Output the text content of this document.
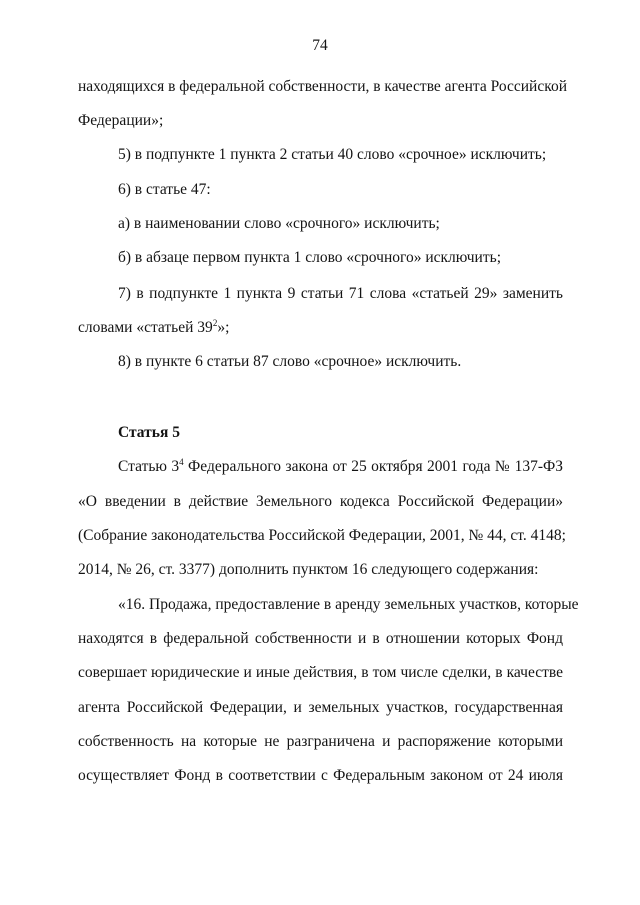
74
находящихся в федеральной собственности, в качестве агента Российской
Федерации»;
5) в подпункте 1 пункта 2 статьи 40 слово «срочное» исключить;
6) в статье 47:
а) в наименовании слово «срочного» исключить;
б) в абзаце первом пункта 1 слово «срочного» исключить;
7) в подпункте 1 пункта 9 статьи 71 слова «статьей 29» заменить
словами «статьей $39^2$»;
8) в пункте 6 статьи 87 слово «срочное» исключить.
Статья 5
Статью $3^4$ Федерального закона от 25 октября 2001 года № 137-ФЗ
«О введении в действие Земельного кодекса Российской Федерации»
(Собрание законодательства Российской Федерации, 2001, № 44, ст. 4148;
2014, № 26, ст. 3377) дополнить пунктом 16 следующего содержания:
«16. Продажа, предоставление в аренду земельных участков, которые
находятся в федеральной собственности и в отношении которых Фонд
совершает юридические и иные действия, в том числе сделки, в качестве
агента Российской Федерации, и земельных участков, государственная
собственность на которые не разграничена и распоряжение которыми
осуществляет Фонд в соответствии с Федеральным законом от 24 июля
